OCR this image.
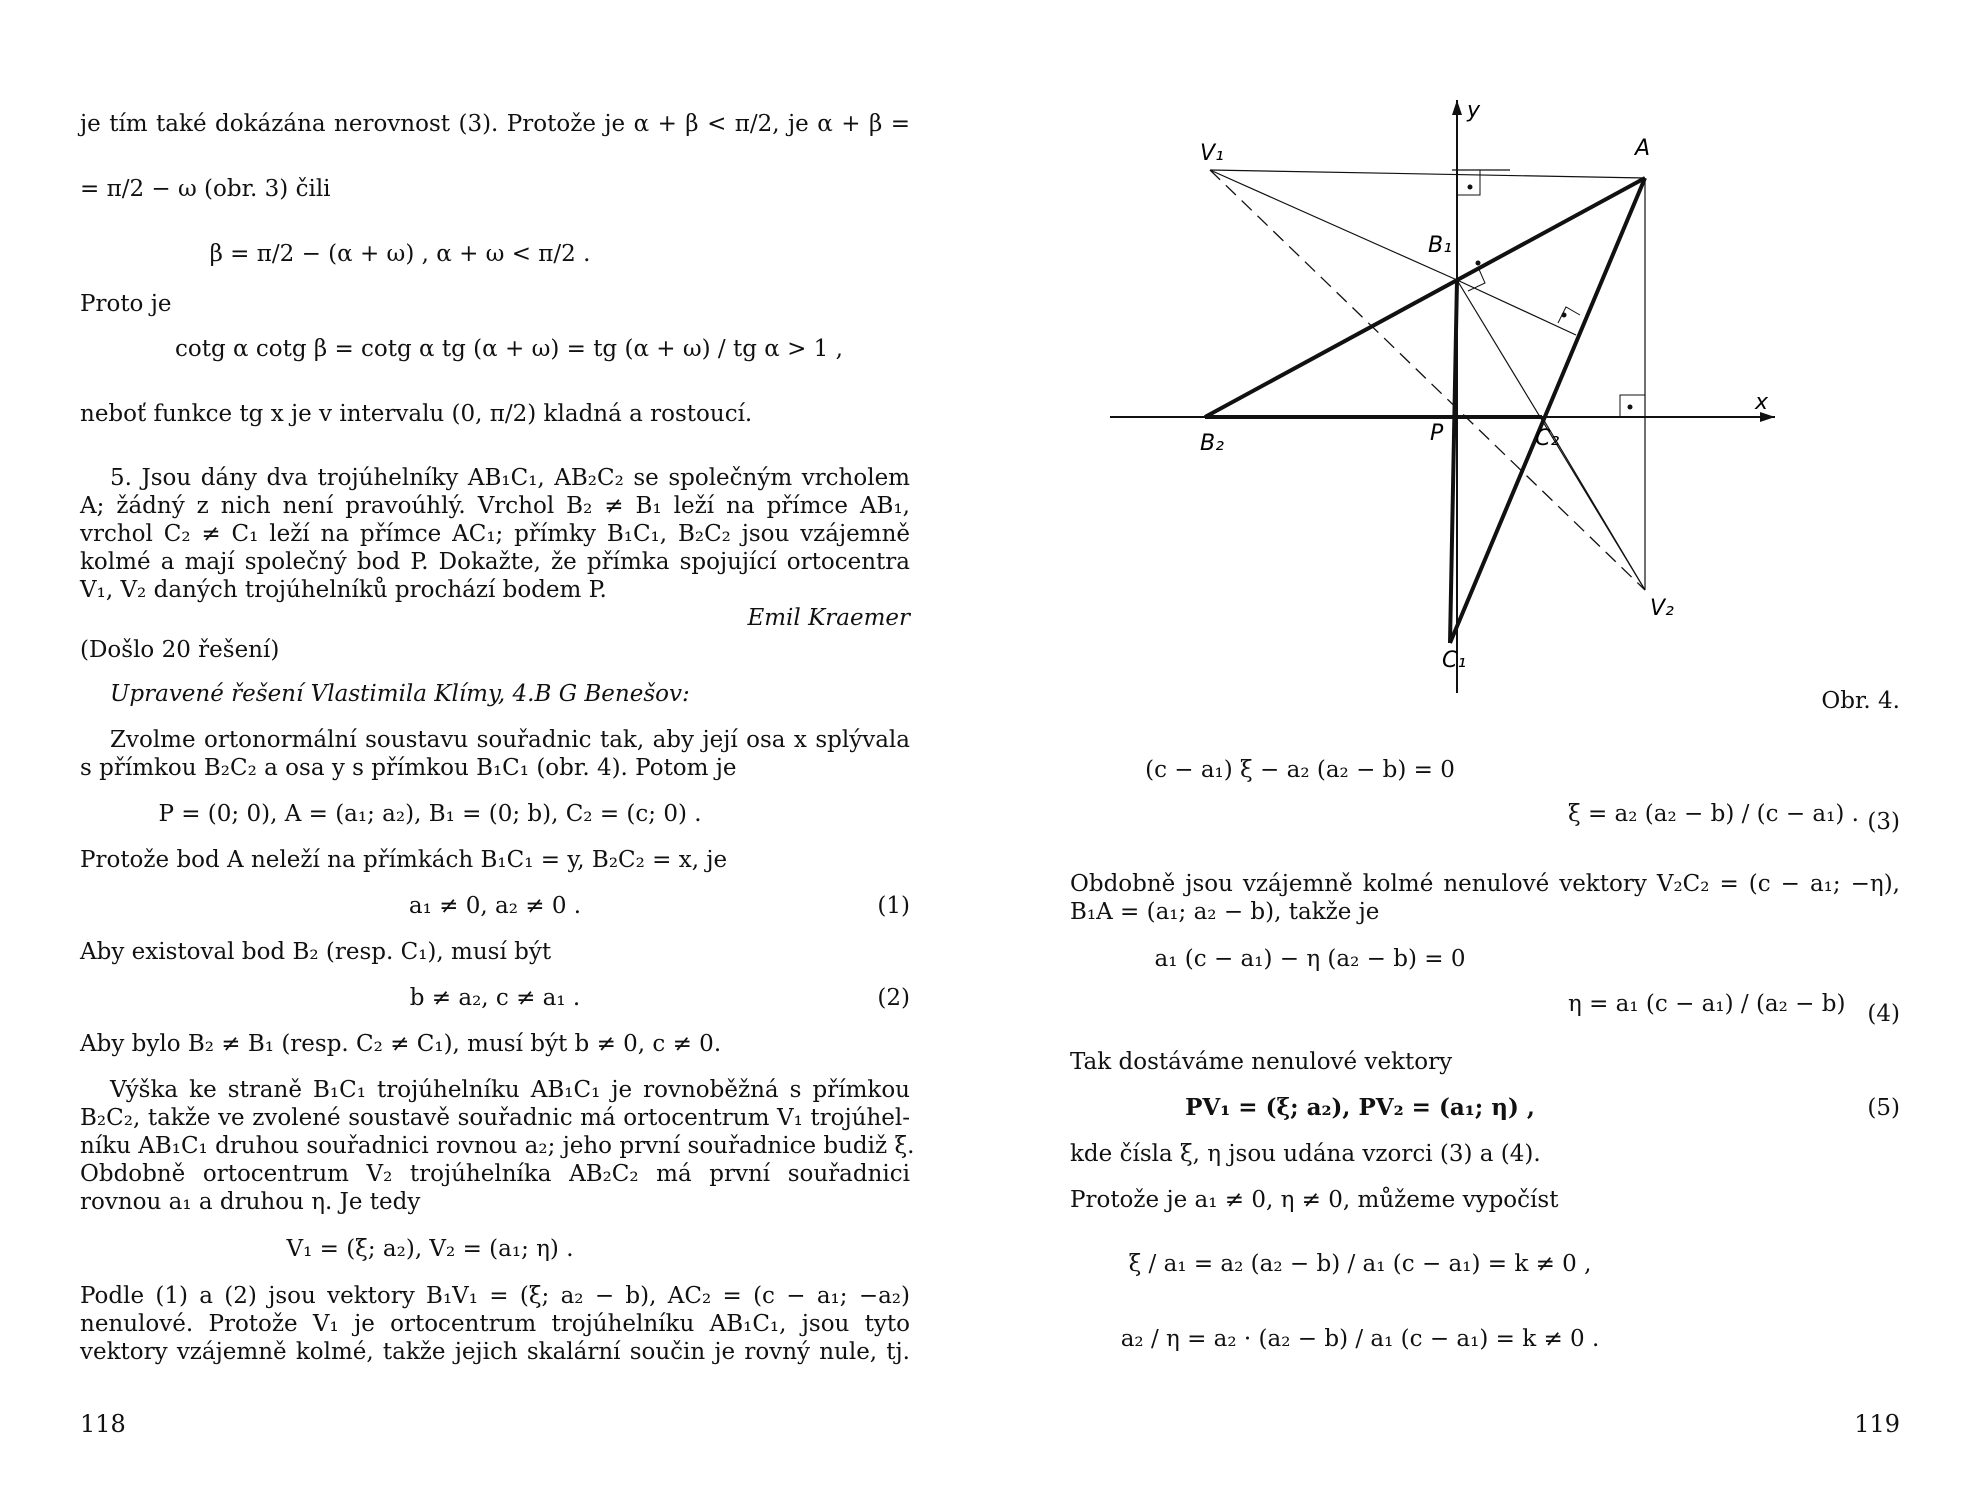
je tím také dokázána nerovnost (3). Protože je α + β < π/2, je α + β =
= π/2 − ω (obr. 3) čili
β = π/2 − (α + ω) , α + ω < π/2 .
Proto je
cotg α cotg β = cotg α tg (α + ω) = tg (α + ω) / tg α > 1 ,
neboť funkce tg x je v intervalu (0, π/2) kladná a rostoucí.
5. Jsou dány dva trojúhelníky AB₁C₁, AB₂C₂ se společným vrcholem
A; žádný z nich není pravoúhlý. Vrchol B₂ ≠ B₁ leží na přímce AB₁,
vrchol C₂ ≠ C₁ leží na přímce AC₁; přímky B₁C₁, B₂C₂ jsou vzájemně
kolmé a mají společný bod P. Dokažte, že přímka spojující ortocentra
V₁, V₂ daných trojúhelníků prochází bodem P.
Emil Kraemer
(Došlo 20 řešení)
Upravené řešení Vlastimila Klímy, 4.B G Benešov:
Zvolme ortonormální soustavu souřadnic tak, aby její osa x splývala
s přímkou B₂C₂ a osa y s přímkou B₁C₁ (obr. 4). Potom je
P = (0; 0), A = (a₁; a₂), B₁ = (0; b), C₂ = (c; 0) .
Protože bod A neleží na přímkách B₁C₁ = y, B₂C₂ = x, je
a₁ ≠ 0, a₂ ≠ 0 .	(1)
Aby existoval bod B₂ (resp. C₁), musí být
b ≠ a₂, c ≠ a₁ .	(2)
Aby bylo B₂ ≠ B₁ (resp. C₂ ≠ C₁), musí být b ≠ 0, c ≠ 0.
Výška ke straně B₁C₁ trojúhelníku AB₁C₁ je rovnoběžná s přímkou
B₂C₂, takže ve zvolené soustavě souřadnic má ortocentrum V₁ trojúhel-
níku AB₁C₁ druhou souřadnici rovnou a₂; jeho první souřadnice budiž ξ.
Obdobně ortocentrum V₂ trojúhelníka AB₂C₂ má první souřadnici
rovnou a₁ a druhou η. Je tedy
V₁ = (ξ; a₂), V₂ = (a₁; η) .
Podle (1) a (2) jsou vektory B₁V₁ = (ξ; a₂ − b), AC₂ = (c − a₁; −a₂)
nenulové. Protože V₁ je ortocentrum trojúhelníku AB₁C₁, jsou tyto
vektory vzájemně kolmé, takže jejich skalární součin je rovný nule, tj.
118
y
A
V₁
B₁
x
B₂	P	C₂
V₂
C₁
Obr. 4.
(c − a₁) ξ − a₂ (a₂ − b) = 0
ξ = a₂ (a₂ − b) / (c − a₁) . (3)
Obdobně jsou vzájemně kolmé nenulové vektory V₂C₂ = (c − a₁; −η),
B₁A = (a₁; a₂ − b), takže je
a₁ (c − a₁) − η (a₂ − b) = 0
η = a₁ (c − a₁) / (a₂ − b) (4)
Tak dostáváme nenulové vektory
PV₁ = (ξ; a₂), PV₂ = (a₁; η) ,	(5)
kde čísla ξ, η jsou udána vzorci (3) a (4).
Protože je a₁ ≠ 0, η ≠ 0, můžeme vypočíst
ξ / a₁ = a₂ (a₂ − b) / a₁ (c − a₁) = k ≠ 0 ,
a₂ / η = a₂ · (a₂ − b) / a₁ (c − a₁) = k ≠ 0 .
119
